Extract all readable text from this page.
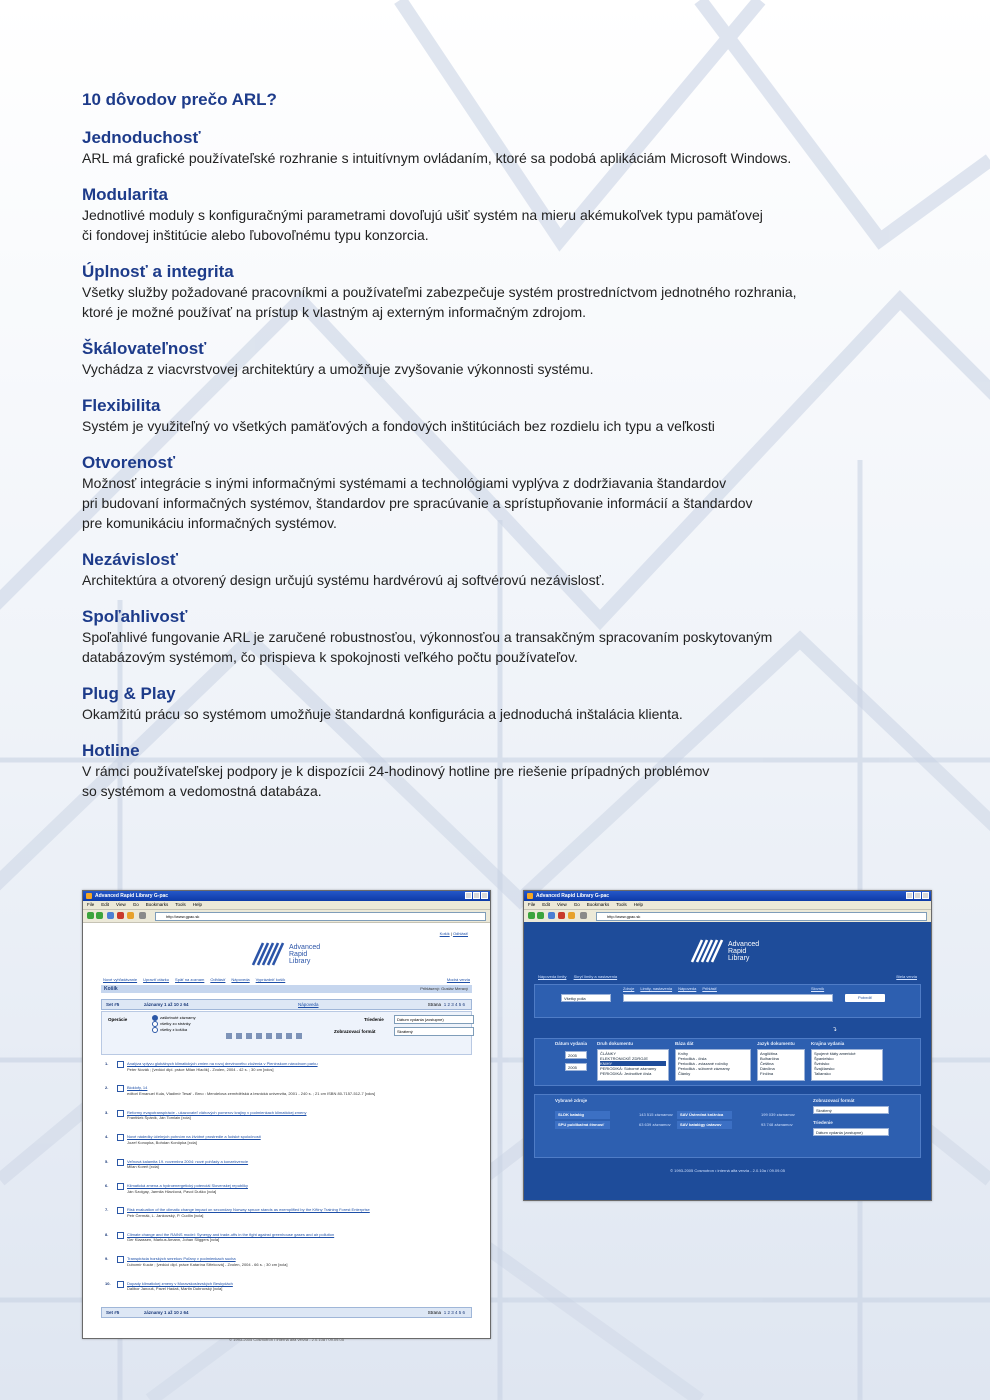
10 dôvodov prečo ARL?
Jednoduchosť

ARL má grafické používateľské rozhranie s intuitívnym ovládaním, ktoré sa podobá aplikáciám Microsoft Windows.

Modularita

Jednotlivé moduly s konfiguračnými parametrami dovoľujú ušiť systém na mieru akémukoľvek typu pamäťovej

či fondovej inštitúcie alebo ľubovoľnému typu konzorcia.

Úplnosť a integrita

Všetky služby požadované pracovníkmi a používateľmi zabezpečuje systém prostredníctvom jednotného rozhrania,

ktoré je možné používať na prístup k vlastným aj externým informačným zdrojom.

Škálovateľnosť

Vychádza z viacvrstvovej architektúry a umožňuje zvyšovanie výkonnosti systému.

Flexibilita

Systém je využiteľný vo všetkých pamäťových a fondových inštitúciách bez rozdielu ich typu a veľkosti

Otvorenosť

Možnosť integrácie s inými informačnými systémami a technológiami vyplýva z dodržiavania štandardov

pri budovaní informačných systémov, štandardov pre spracúvanie a sprístupňovanie informácií a štandardov

pre komunikáciu informačných systémov.

Nezávislosť

Architektúra a otvorený design určujú systému hardvérovú aj softvérovú nezávislosť.

Spoľahlivosť

Spoľahlivé fungovanie ARL je zaručené robustnosťou, výkonnosťou a transakčným spracovaním poskytovaným

databázovým systémom, čo prispieva k spokojnosti veľkého počtu používateľov.

Plug & Play

Okamžitú prácu so systémom umožňuje štandardná konfigurácia a jednoduchá inštalácia klienta.

Hotline

V rámci používateľskej podpory je k dispozícii 24-hodinový hotline pre riešenie prípadných problémov

so systémom a vedomostná databáza.

Advanced Rapid Library G-pac
File Edit View Go Bookmarks Tools Help
http://www.gpac.sk
Košík | Odhlásiť
Advanced
Rapid
Library
Nové vyhľadávanie Upraviť otázku Späť na zoznam Odhlásiť Nápoveda Vyprázdniť košík	Modrá verzia
Košík	Prihlásený: Gustáv Meravý
Set #5	záznamy 1 až 10 z 64	Nápoveda	Strana 1 2 3 4 5 6
Operácie	zaškrtnuté záznamy
všetky zo stránky
všetky z košíka
Triedenie	Dátum vydania (zostupne)
Zobrazovací formát	Skrátený
1.	Analýza vplyvu globálnych klimatických zmien na rovoj drevinového zloženia v Pieninskom národnom parku
Peter Novák ; [vedúci dipl. práce Milan Hladík] - Zvolen, 2004 - 42 s. ; 30 cm [xdcs]
2.	Bioklofy, 14
editori Emanuel Kula, Vladimír Tesař - Brno : Mendelova zemědělská a lesnická univerzita, 2001 - 240 s. ; 21 cm ISBN 80-7157-512-7 [xdcs]
3.	Reformy evapotranspirácie - ukazovateľ vláhových pomerov krajiny v podmienkach klimatickej zmeny
František Špánik, Ján Tomlain [xcla]
4.	Nové nádedky účelných pohnóm na živótné prostredie a ľudské spoločnosti
Jozef Konopka, Bohdan Konôpka [xcla]
5.	Veľnová kalamita 19. novembra 2004: nové pohľady a konzekvencie
Milan Koreň [xcla]
6.	Klimatická zmena a hydroenergetický potenciál Slovenskej republiky
Ján Szolgay, Jarmila Hlavčová, Pavol Duško [xcla]
7.	Risk evaluation of the climatic change impact on secondary Norway spruce stands as exemplified by the Křtiny Training Forest Enterprise
Petr Čermák, L. Jankovský, P. Cudlín [xcla]
8.	Climate change and the RAINS model: Synergy and trade-offs in the fight against greenhouse gases and air pollution
Ger Klaassen, Markus Amann, Johan Sliggers [xcla]
9.	Transpirácia horských smrekov Poľany v podmienkach sucha
Ľubomír Kucár ; [vedúci dipl. práce Katarína Střelcová] - Zvolen, 2004 - 66 s. ; 30 cm [xcla]
10.	Dopady klimatickej zmeny v Moravskoslezských Beskydách
Dalibor Janouš, Pavel Hadaš, Martin Dubrovský [xcla]
Set #5	záznamy 1 až 10 z 64	Strana 1 2 3 4 5 6
© 1993-2005 Cosmotron • interná alfa verzia - 2.0.10a / 09.09.05
Advanced Rapid Library G-pac
File Edit View Go Bookmarks Tools Help
http://www.gpac.sk
Advanced
Rapid
Library
Nápoveda limity Skryť limity a nastavenia	Biela verzia
Všetky polia
Zdroje Limity, nastavenia Nápoveda Prihlásiť	Slovník
Potvrdiť
↴
Dátum vydania
2005
2005
Druh dokumentu
ČLÁNKY
ELEKTRONICKÉ ZDROJE
KNIHY
PERIODIKÁ: Súborné záznamy
PERIODIKÁ: Jednotlivé čísla
Báza dát
Knihy
Periodiká - čísla
Periodiká - zviazané ročníky
Periodiká - súborné záznamy
Články
Jazyk dokumentu
Angličtina
Bulharčina
Čeština
Dánčina
Fínčina
Krajina vydania
Spojené štáty americké
Španielsko
Švédsko
Švajčiarsko
Taliansko
Vybrané zdroje
SLDK katalóg	143 515 záznamov
SPU publikačná činnosť	63 639 záznamov
SAV Ústredná knižnica	199 039 záznamov
SAV katalógy ústavov	93 748 záznamov
Zobrazovací formát
Skrátený
Triedenie
Dátum vydania (zostupne)
© 1993-2005 Cosmotron • interná alfa verzia - 2.0.10a / 09.09.05
